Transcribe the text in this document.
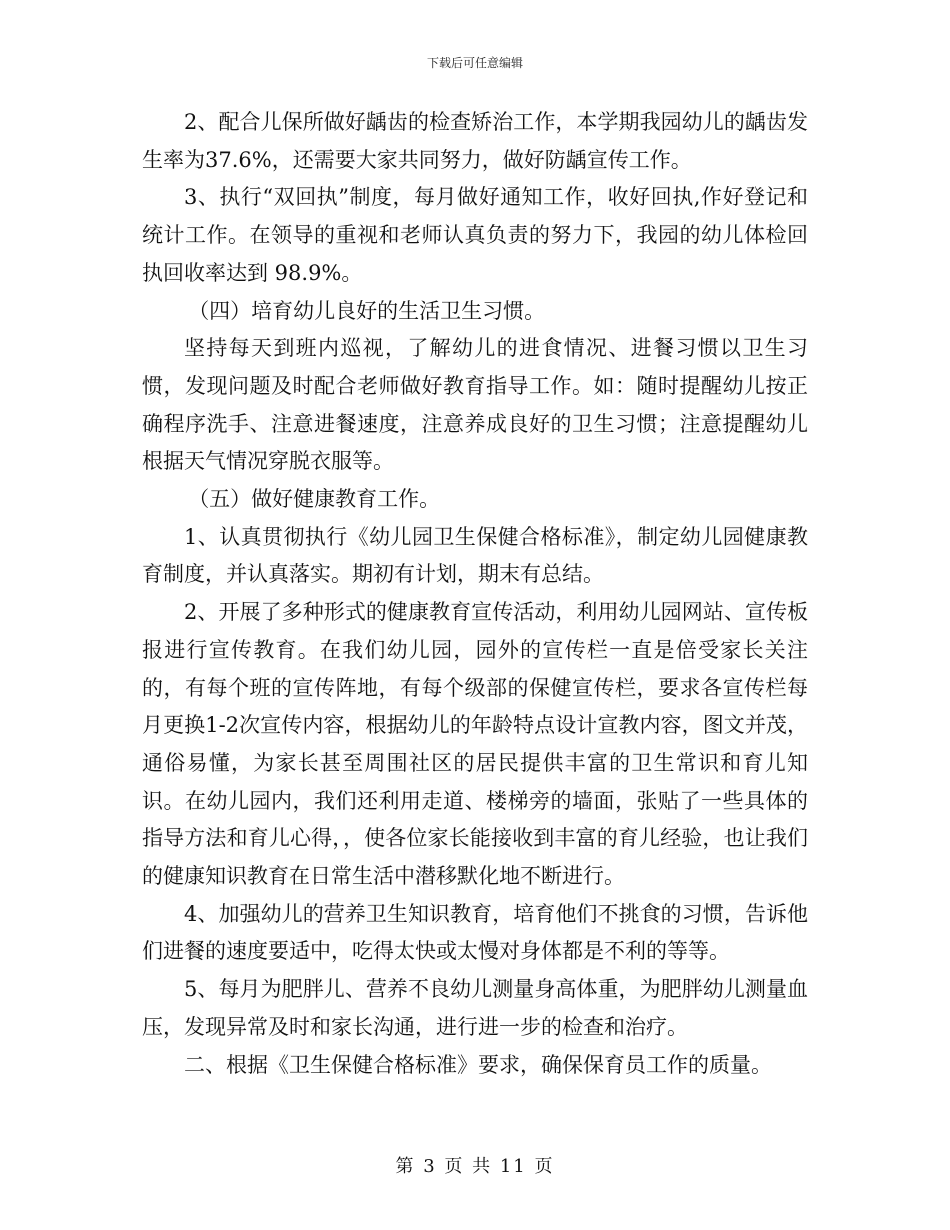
下载后可任意编辑

2、配合儿保所做好龋齿的检查矫治工作，本学期我园幼儿的龋齿发生率为37.6%，还需要大家共同努力，做好防龋宣传工作。

3、执行“双回执”制度，每月做好通知工作，收好回执,作好登记和统计工作。在领导的重视和老师认真负责的努力下，我园的幼儿体检回执回收率达到 98.9%。

（四）培育幼儿良好的生活卫生习惯。

坚持每天到班内巡视，了解幼儿的进食情况、进餐习惯以卫生习惯，发现问题及时配合老师做好教育指导工作。如：随时提醒幼儿按正确程序洗手、注意进餐速度，注意养成良好的卫生习惯；注意提醒幼儿根据天气情况穿脱衣服等。

（五）做好健康教育工作。

1、认真贯彻执行《幼儿园卫生保健合格标准》，制定幼儿园健康教育制度，并认真落实。期初有计划，期末有总结。

2、开展了多种形式的健康教育宣传活动，利用幼儿园网站、宣传板报进行宣传教育。在我们幼儿园，园外的宣传栏一直是倍受家长关注的，有每个班的宣传阵地，有每个级部的保健宣传栏，要求各宣传栏每月更换1-2次宣传内容，根据幼儿的年龄特点设计宣教内容，图文并茂，通俗易懂，为家长甚至周围社区的居民提供丰富的卫生常识和育儿知识。在幼儿园内，我们还利用走道、楼梯旁的墙面，张贴了一些具体的指导方法和育儿心得，，使各位家长能接收到丰富的育儿经验，也让我们的健康知识教育在日常生活中潜移默化地不断进行。

4、加强幼儿的营养卫生知识教育，培育他们不挑食的习惯，告诉他们进餐的速度要适中，吃得太快或太慢对身体都是不利的等等。

5、每月为肥胖儿、营养不良幼儿测量身高体重，为肥胖幼儿测量血压，发现异常及时和家长沟通，进行进一步的检查和治疗。

二、根据《卫生保健合格标准》要求，确保保育员工作的质量。

第 3 页 共 11 页
